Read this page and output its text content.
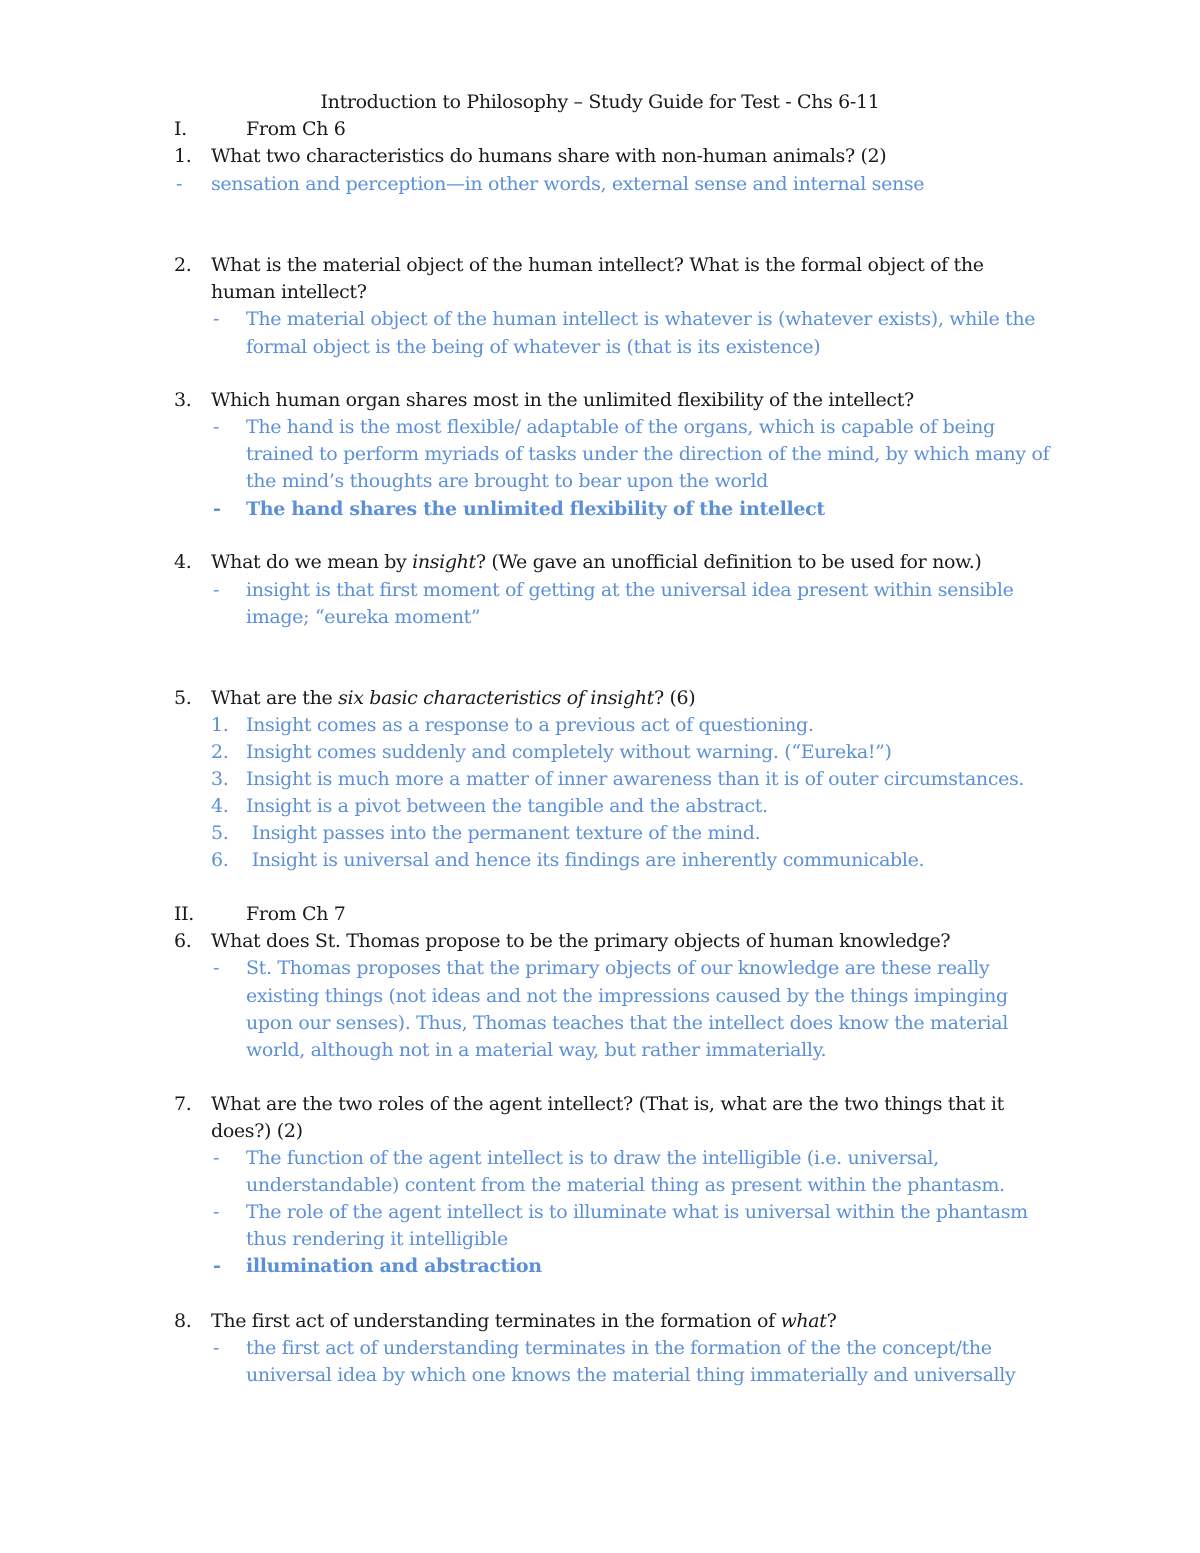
Introduction to Philosophy – Study Guide for Test - Chs 6-11
I.	From Ch 6
1. What two characteristics do humans share with non-human animals? (2)
- sensation and perception—in other words, external sense and internal sense
2. What is the material object of the human intellect? What is the formal object of the
human intellect?
- The material object of the human intellect is whatever is (whatever exists), while the
formal object is the being of whatever is (that is its existence)
3. Which human organ shares most in the unlimited flexibility of the intellect?
- The hand is the most flexible/ adaptable of the organs, which is capable of being
trained to perform myriads of tasks under the direction of the mind, by which many of
the mind’s thoughts are brought to bear upon the world
- The hand shares the unlimited flexibility of the intellect
4. What do we mean by insight? (We gave an unofficial definition to be used for now.)
- insight is that first moment of getting at the universal idea present within sensible
image; “eureka moment”
5. What are the six basic characteristics of insight? (6)
1. Insight comes as a response to a previous act of questioning.
2. Insight comes suddenly and completely without warning. (“Eureka!”)
3. Insight is much more a matter of inner awareness than it is of outer circumstances.
4. Insight is a pivot between the tangible and the abstract.
5. Insight passes into the permanent texture of the mind.
6. Insight is universal and hence its findings are inherently communicable.
II.	From Ch 7
6. What does St. Thomas propose to be the primary objects of human knowledge?
- St. Thomas proposes that the primary objects of our knowledge are these really
existing things (not ideas and not the impressions caused by the things impinging
upon our senses). Thus, Thomas teaches that the intellect does know the material
world, although not in a material way, but rather immaterially.
7. What are the two roles of the agent intellect? (That is, what are the two things that it
does?) (2)
- The function of the agent intellect is to draw the intelligible (i.e. universal,
understandable) content from the material thing as present within the phantasm.
- The role of the agent intellect is to illuminate what is universal within the phantasm
thus rendering it intelligible
- illumination and abstraction
8. The first act of understanding terminates in the formation of what?
- the first act of understanding terminates in the formation of the the concept/the
universal idea by which one knows the material thing immaterially and universally
